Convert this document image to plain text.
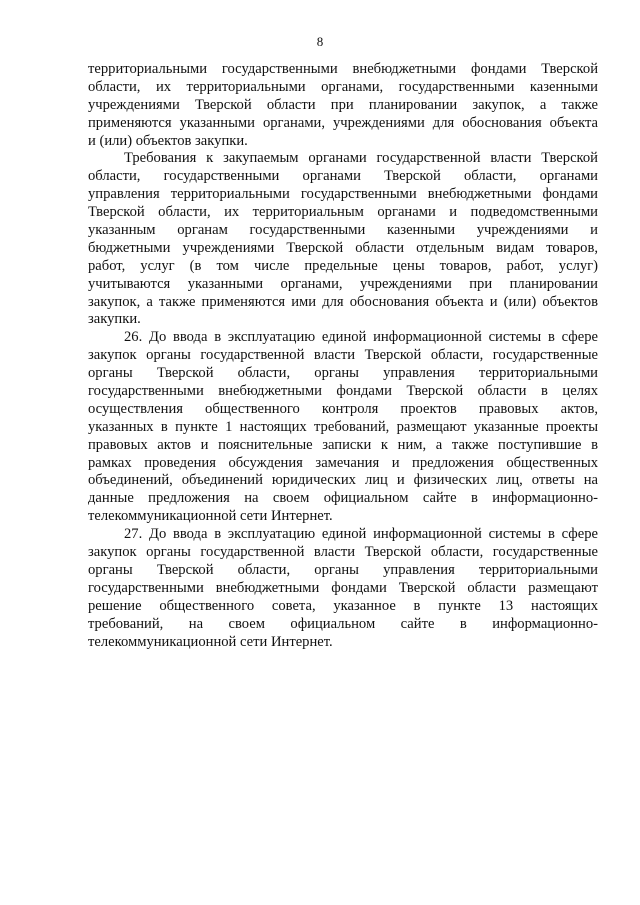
8
территориальными государственными внебюджетными фондами Тверской
области, их территориальными органами, государственными казенными
учреждениями Тверской области при планировании закупок, а также
применяются указанными органами, учреждениями для обоснования объекта
и (или) объектов закупки.
Требования к закупаемым органами государственной власти Тверской
области, государственными органами Тверской области, органами
управления территориальными государственными внебюджетными фондами
Тверской области, их территориальным органами и подведомственными
указанным органам государственными казенными учреждениями и
бюджетными учреждениями Тверской области отдельным видам товаров,
работ, услуг (в том числе предельные цены товаров, работ, услуг)
учитываются указанными органами, учреждениями при планировании
закупок, а также применяются ими для обоснования объекта и (или) объектов
закупки.
26. До ввода в эксплуатацию единой информационной системы в сфере
закупок органы государственной власти Тверской области, государственные
органы Тверской области, органы управления территориальными
государственными внебюджетными фондами Тверской области в целях
осуществления общественного контроля проектов правовых актов,
указанных в пункте 1 настоящих требований, размещают указанные проекты
правовых актов и пояснительные записки к ним, а также поступившие в
рамках проведения обсуждения замечания и предложения общественных
объединений, объединений юридических лиц и физических лиц, ответы на
данные предложения на своем официальном сайте в информационно-
телекоммуникационной сети Интернет.
27. До ввода в эксплуатацию единой информационной системы в сфере
закупок органы государственной власти Тверской области, государственные
органы Тверской области, органы управления территориальными
государственными внебюджетными фондами Тверской области размещают
решение общественного совета, указанное в пункте 13 настоящих
требований, на своем официальном сайте в информационно-
телекоммуникационной сети Интернет.
